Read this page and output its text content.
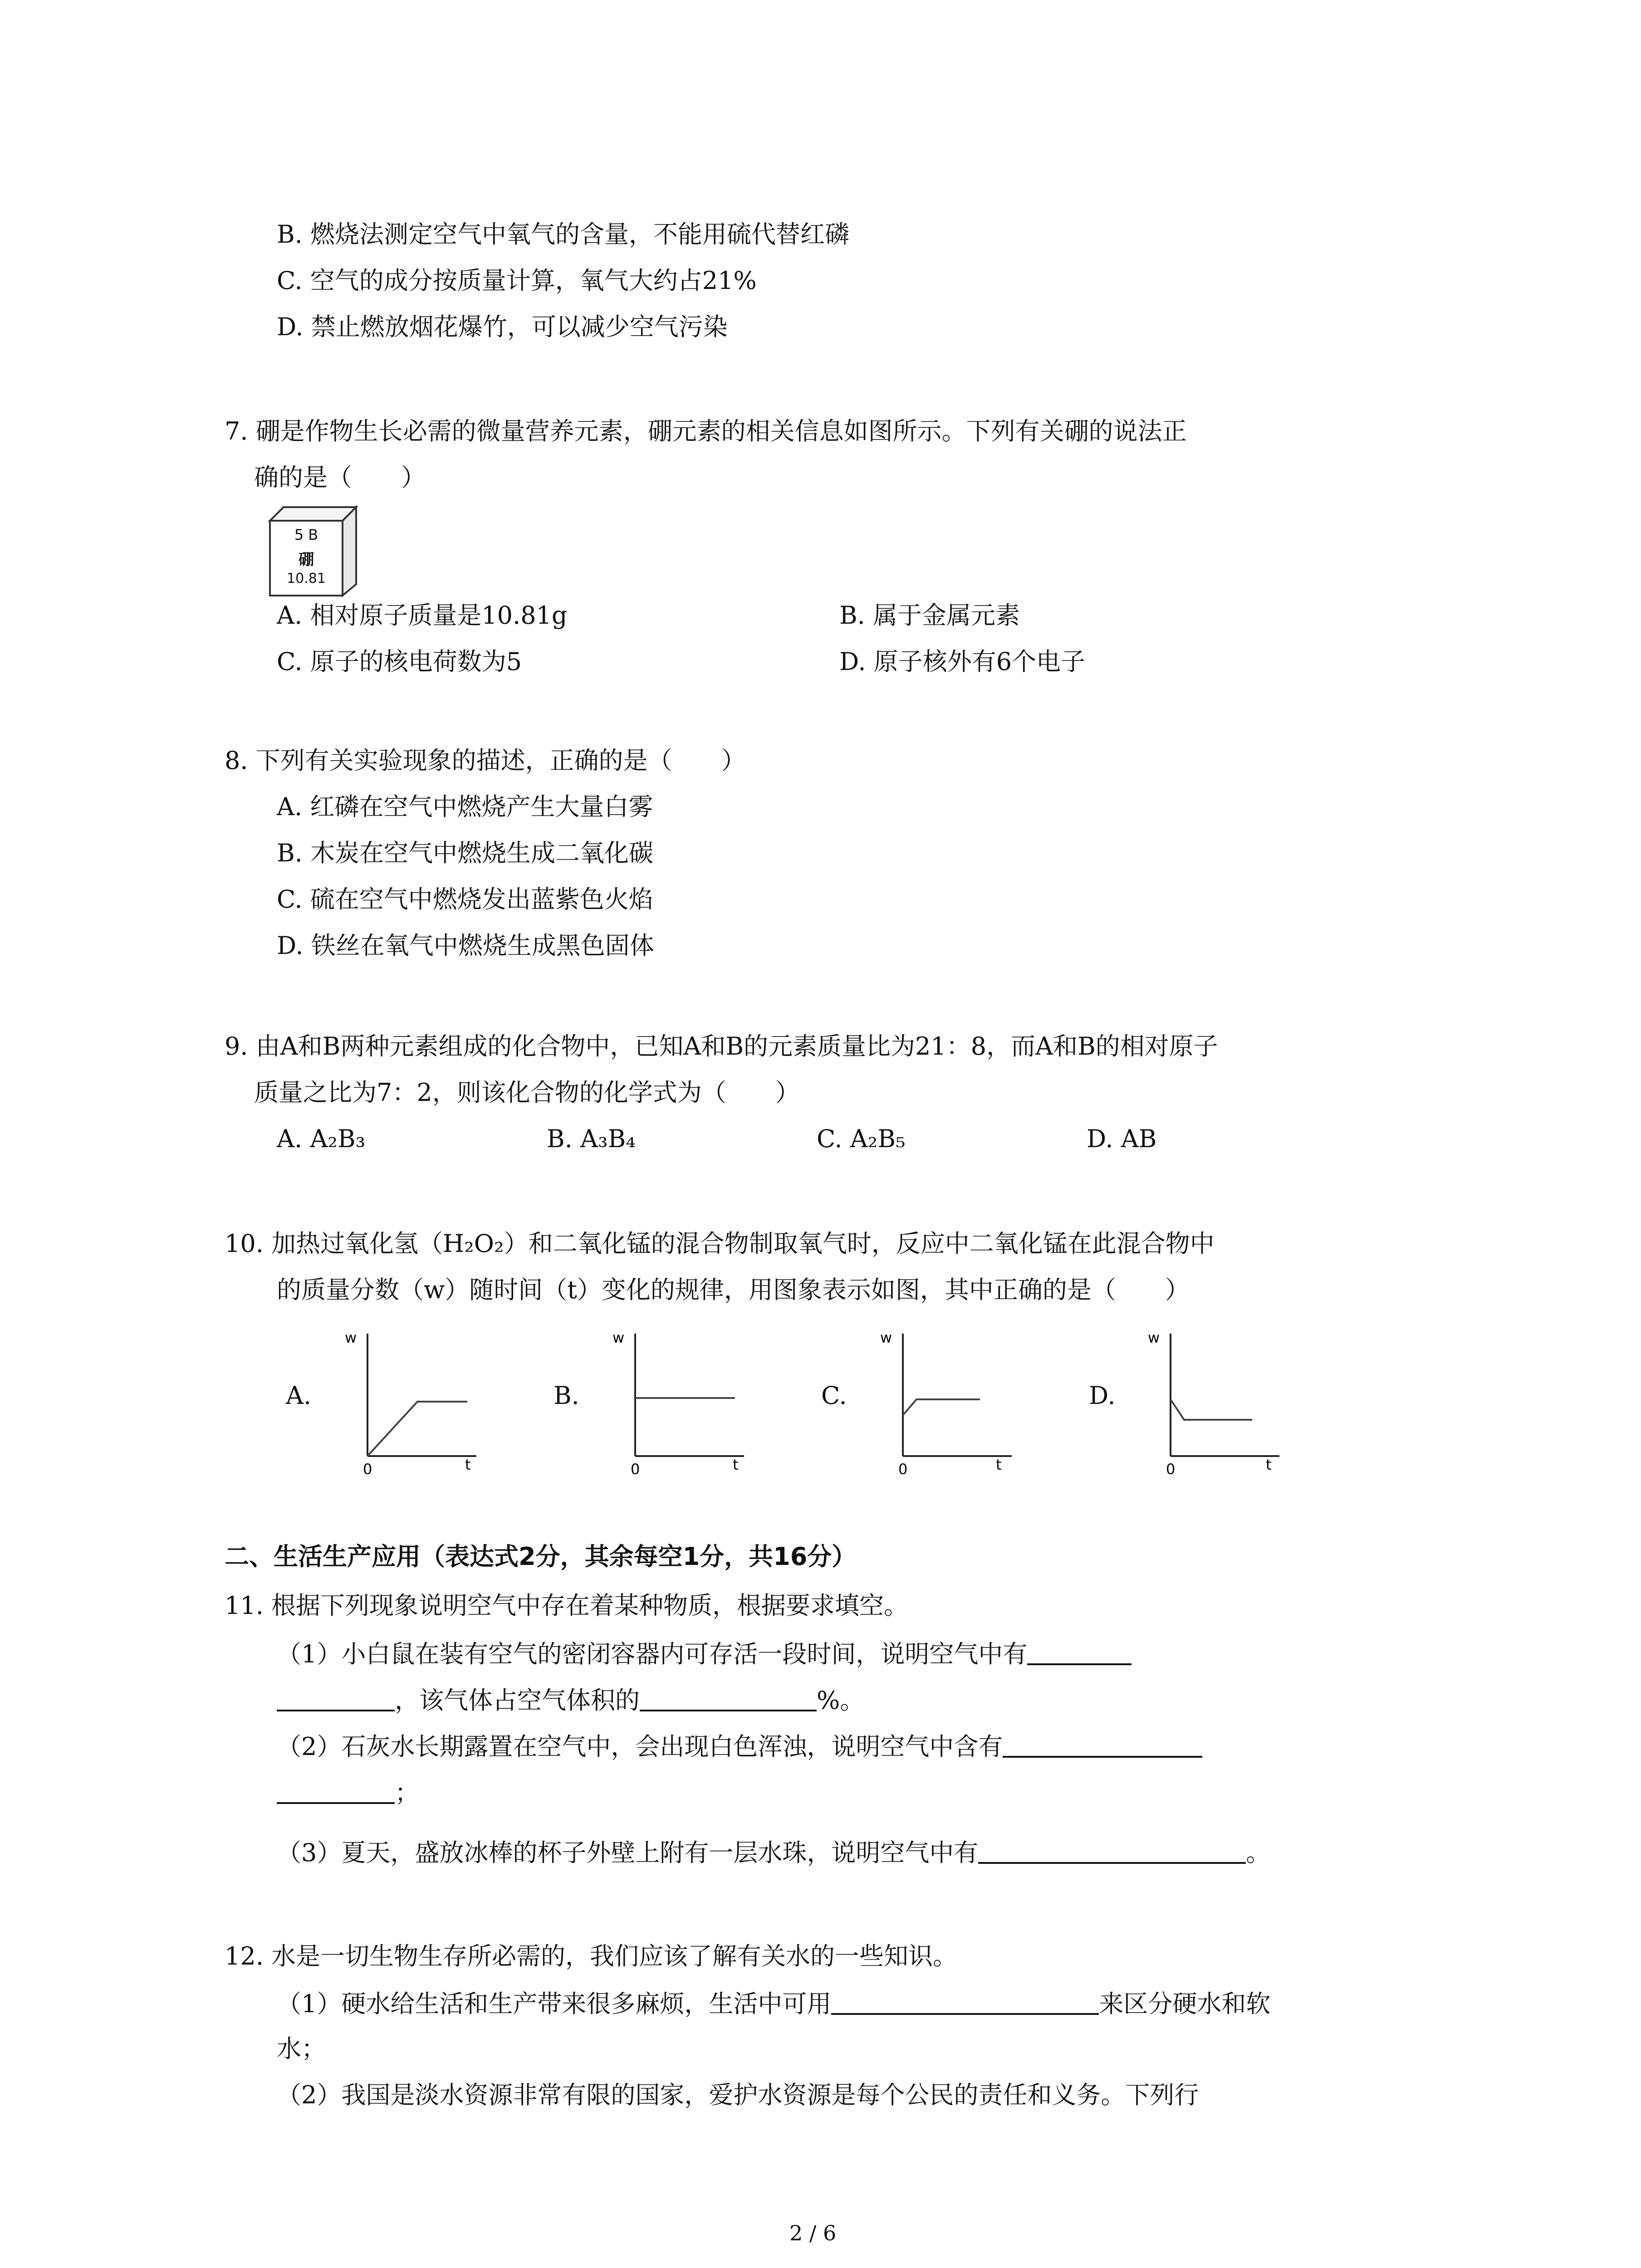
B. 燃烧法测定空气中氧气的含量，不能用硫代替红磷
C. 空气的成分按质量计算，氧气大约占21%
D. 禁止燃放烟花爆竹，可以减少空气污染
7. 硼是作物生长必需的微量营养元素，硼元素的相关信息如图所示。下列有关硼的说法正
确的是（　　）
5 B
硼
10.81
A. 相对原子质量是10.81g	B. 属于金属元素
C. 原子的核电荷数为5	D. 原子核外有6个电子
8. 下列有关实验现象的描述，正确的是（　　）
A. 红磷在空气中燃烧产生大量白雾
B. 木炭在空气中燃烧生成二氧化碳
C. 硫在空气中燃烧发出蓝紫色火焰
D. 铁丝在氧气中燃烧生成黑色固体
9. 由A和B两种元素组成的化合物中，已知A和B的元素质量比为21：8，而A和B的相对原子
质量之比为7：2，则该化合物的化学式为（　　）
A. A₂B₃	B. A₃B₄	C. A₂B₅	D. AB
10. 加热过氧化氢（H₂O₂）和二氧化锰的混合物制取氧气时，反应中二氧化锰在此混合物中
的质量分数（w）随时间（t）变化的规律，用图象表示如图，其中正确的是（　　）
A.
w
0	t
B.
w
0	t
C.
w
0	t
D.
w
0	t
二、生活生产应用（表达式2分，其余每空1分，共16分）
11. 根据下列现象说明空气中存在着某种物质，根据要求填空。
（1）小白鼠在装有空气的密闭容器内可存活一段时间，说明空气中有
，该气体占空气体积的	%。
（2）石灰水长期露置在空气中，会出现白色浑浊，说明空气中含有
；
（3）夏天，盛放冰棒的杯子外壁上附有一层水珠，说明空气中有	。
12. 水是一切生物生存所必需的，我们应该了解有关水的一些知识。
（1）硬水给生活和生产带来很多麻烦，生活中可用	来区分硬水和软
水；
（2）我国是淡水资源非常有限的国家，爱护水资源是每个公民的责任和义务。下列行
2 / 6
